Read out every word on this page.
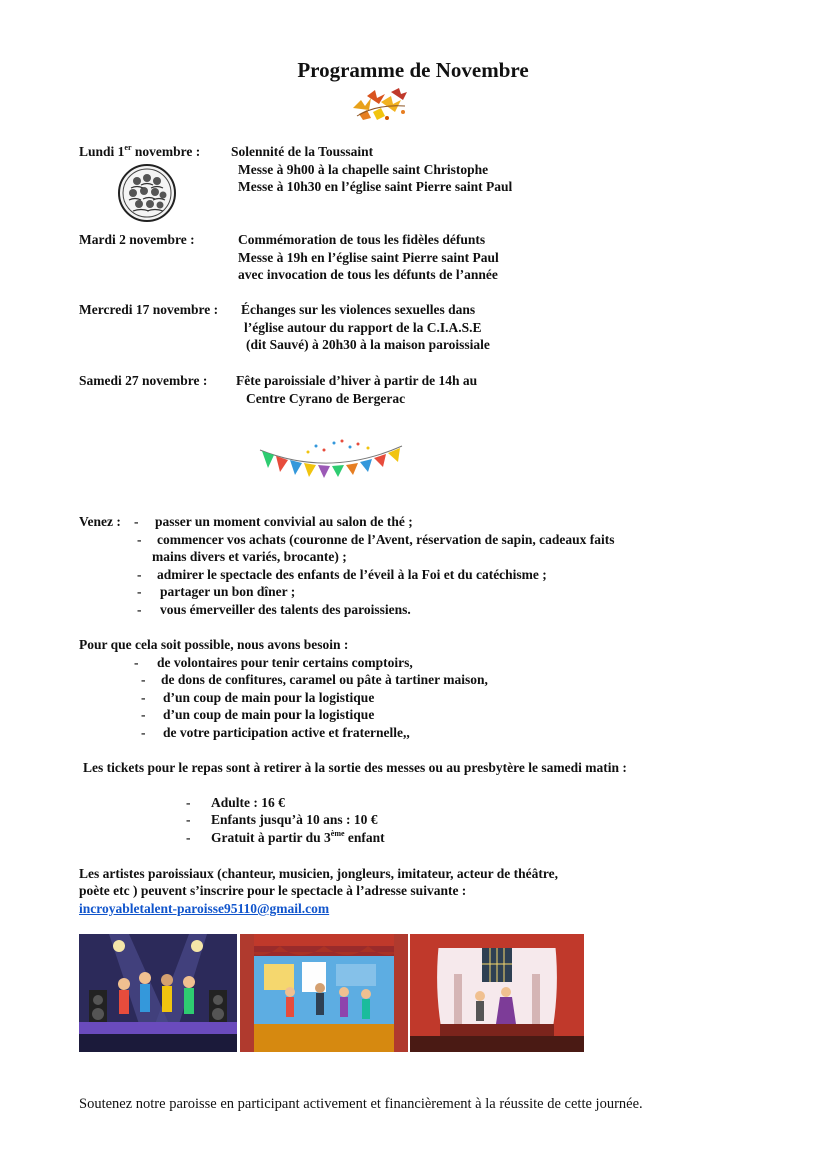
Programme de Novembre
Lundi 1er novembre : Solennité de la Toussaint
Messe à 9h00 à la chapelle saint Christophe
Messe à 10h30 en l’église saint Pierre saint Paul
Mardi 2 novembre :	Commémoration de tous les fidèles défunts
Messe à 19h en l’église saint Pierre saint Paul
avec invocation de tous les défunts de l’année
Mercredi 17 novembre : Échanges sur les violences sexuelles dans
l’église autour du rapport de la C.I.A.S.E
(dit Sauvé) à 20h30 à la maison paroissiale
Samedi 27 novembre : Fête paroissiale d’hiver à partir de 14h au
Centre Cyrano de Bergerac
Venez : - passer un moment convivial au salon de thé ;
- commencer vos achats (couronne de l’Avent, réservation de sapin, cadeaux faits
mains divers et variés, brocante) ;
- admirer le spectacle des enfants de l’éveil à la Foi et du catéchisme ;
- partager un bon dîner ;
- vous émerveiller des talents des paroissiens.
Pour que cela soit possible, nous avons besoin :
- de volontaires pour tenir certains comptoirs,
- de dons de confitures, caramel ou pâte à tartiner maison,
- d’un coup de main pour la logistique
- d’un coup de main pour la logistique
- de votre participation active et fraternelle,,
Les tickets pour le repas sont à retirer à la sortie des messes ou au presbytère le samedi matin :
- Adulte : 16 €
- Enfants jusqu’à 10 ans : 10 €
- Gratuit à partir du 3ème enfant
Les artistes paroissiaux (chanteur, musicien, jongleurs, imitateur, acteur de théâtre,
poète etc ) peuvent s’inscrire pour le spectacle à l’adresse suivante :
incroyabletalent-paroisse95110@gmail.com
Soutenez notre paroisse en participant activement et financièrement à la réussite de cette journée.
